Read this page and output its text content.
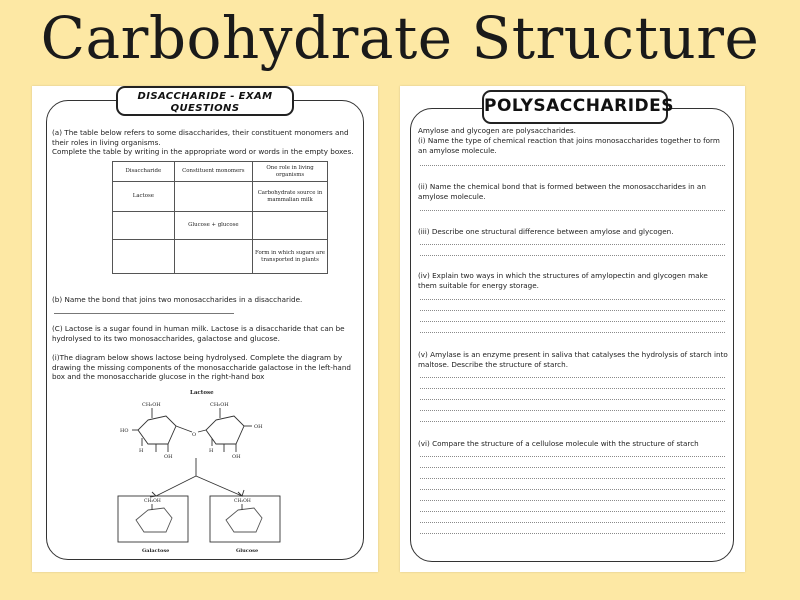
Carbohydrate Structure
DISACCHARIDE - EXAM QUESTIONS
(a) The table below refers to some disaccharides, their constituent monomers and their roles in living organisms.
Complete the table by writing in the appropriate word or words in the empty boxes.
Disaccharide	Constituent monomers	One role in living organisms
Lactose		Carbohydrate source in mammalian milk
	Glucose + glucose	
		Form in which sugars are transported in plants
(b) Name the bond that joins two monosaccharides in a disaccharide.
(C) Lactose is a sugar found in human milk. Lactose is a disaccharide that can be hydrolysed to its two monosaccharides, galactose and glucose.
(i)The diagram below shows lactose being hydrolysed. Complete the diagram by drawing the missing components of the monosaccharide galactose in the left-hand box and the monosaccharide glucose in the right-hand box
Lactose
CH₂OH	CH₂OH
HO
H
OH
O
OH
OH
H
CH₂OH	CH₂OH
Galactose	Glucose
POLYSACCHARIDES
Amylose and glycogen are polysaccharides.
(i) Name the type of chemical reaction that joins monosaccharides together to form an amylose molecule.
(ii) Name the chemical bond that is formed between the monosaccharides in an amylose molecule.
(iii) Describe one structural difference between amylose and glycogen.
(iv) Explain two ways in which the structures of amylopectin and glycogen make them suitable for energy storage.
(v) Amylase is an enzyme present in saliva that catalyses the hydrolysis of starch into maltose. Describe the structure of starch.
(vi) Compare the structure of a cellulose molecule with the structure of starch
